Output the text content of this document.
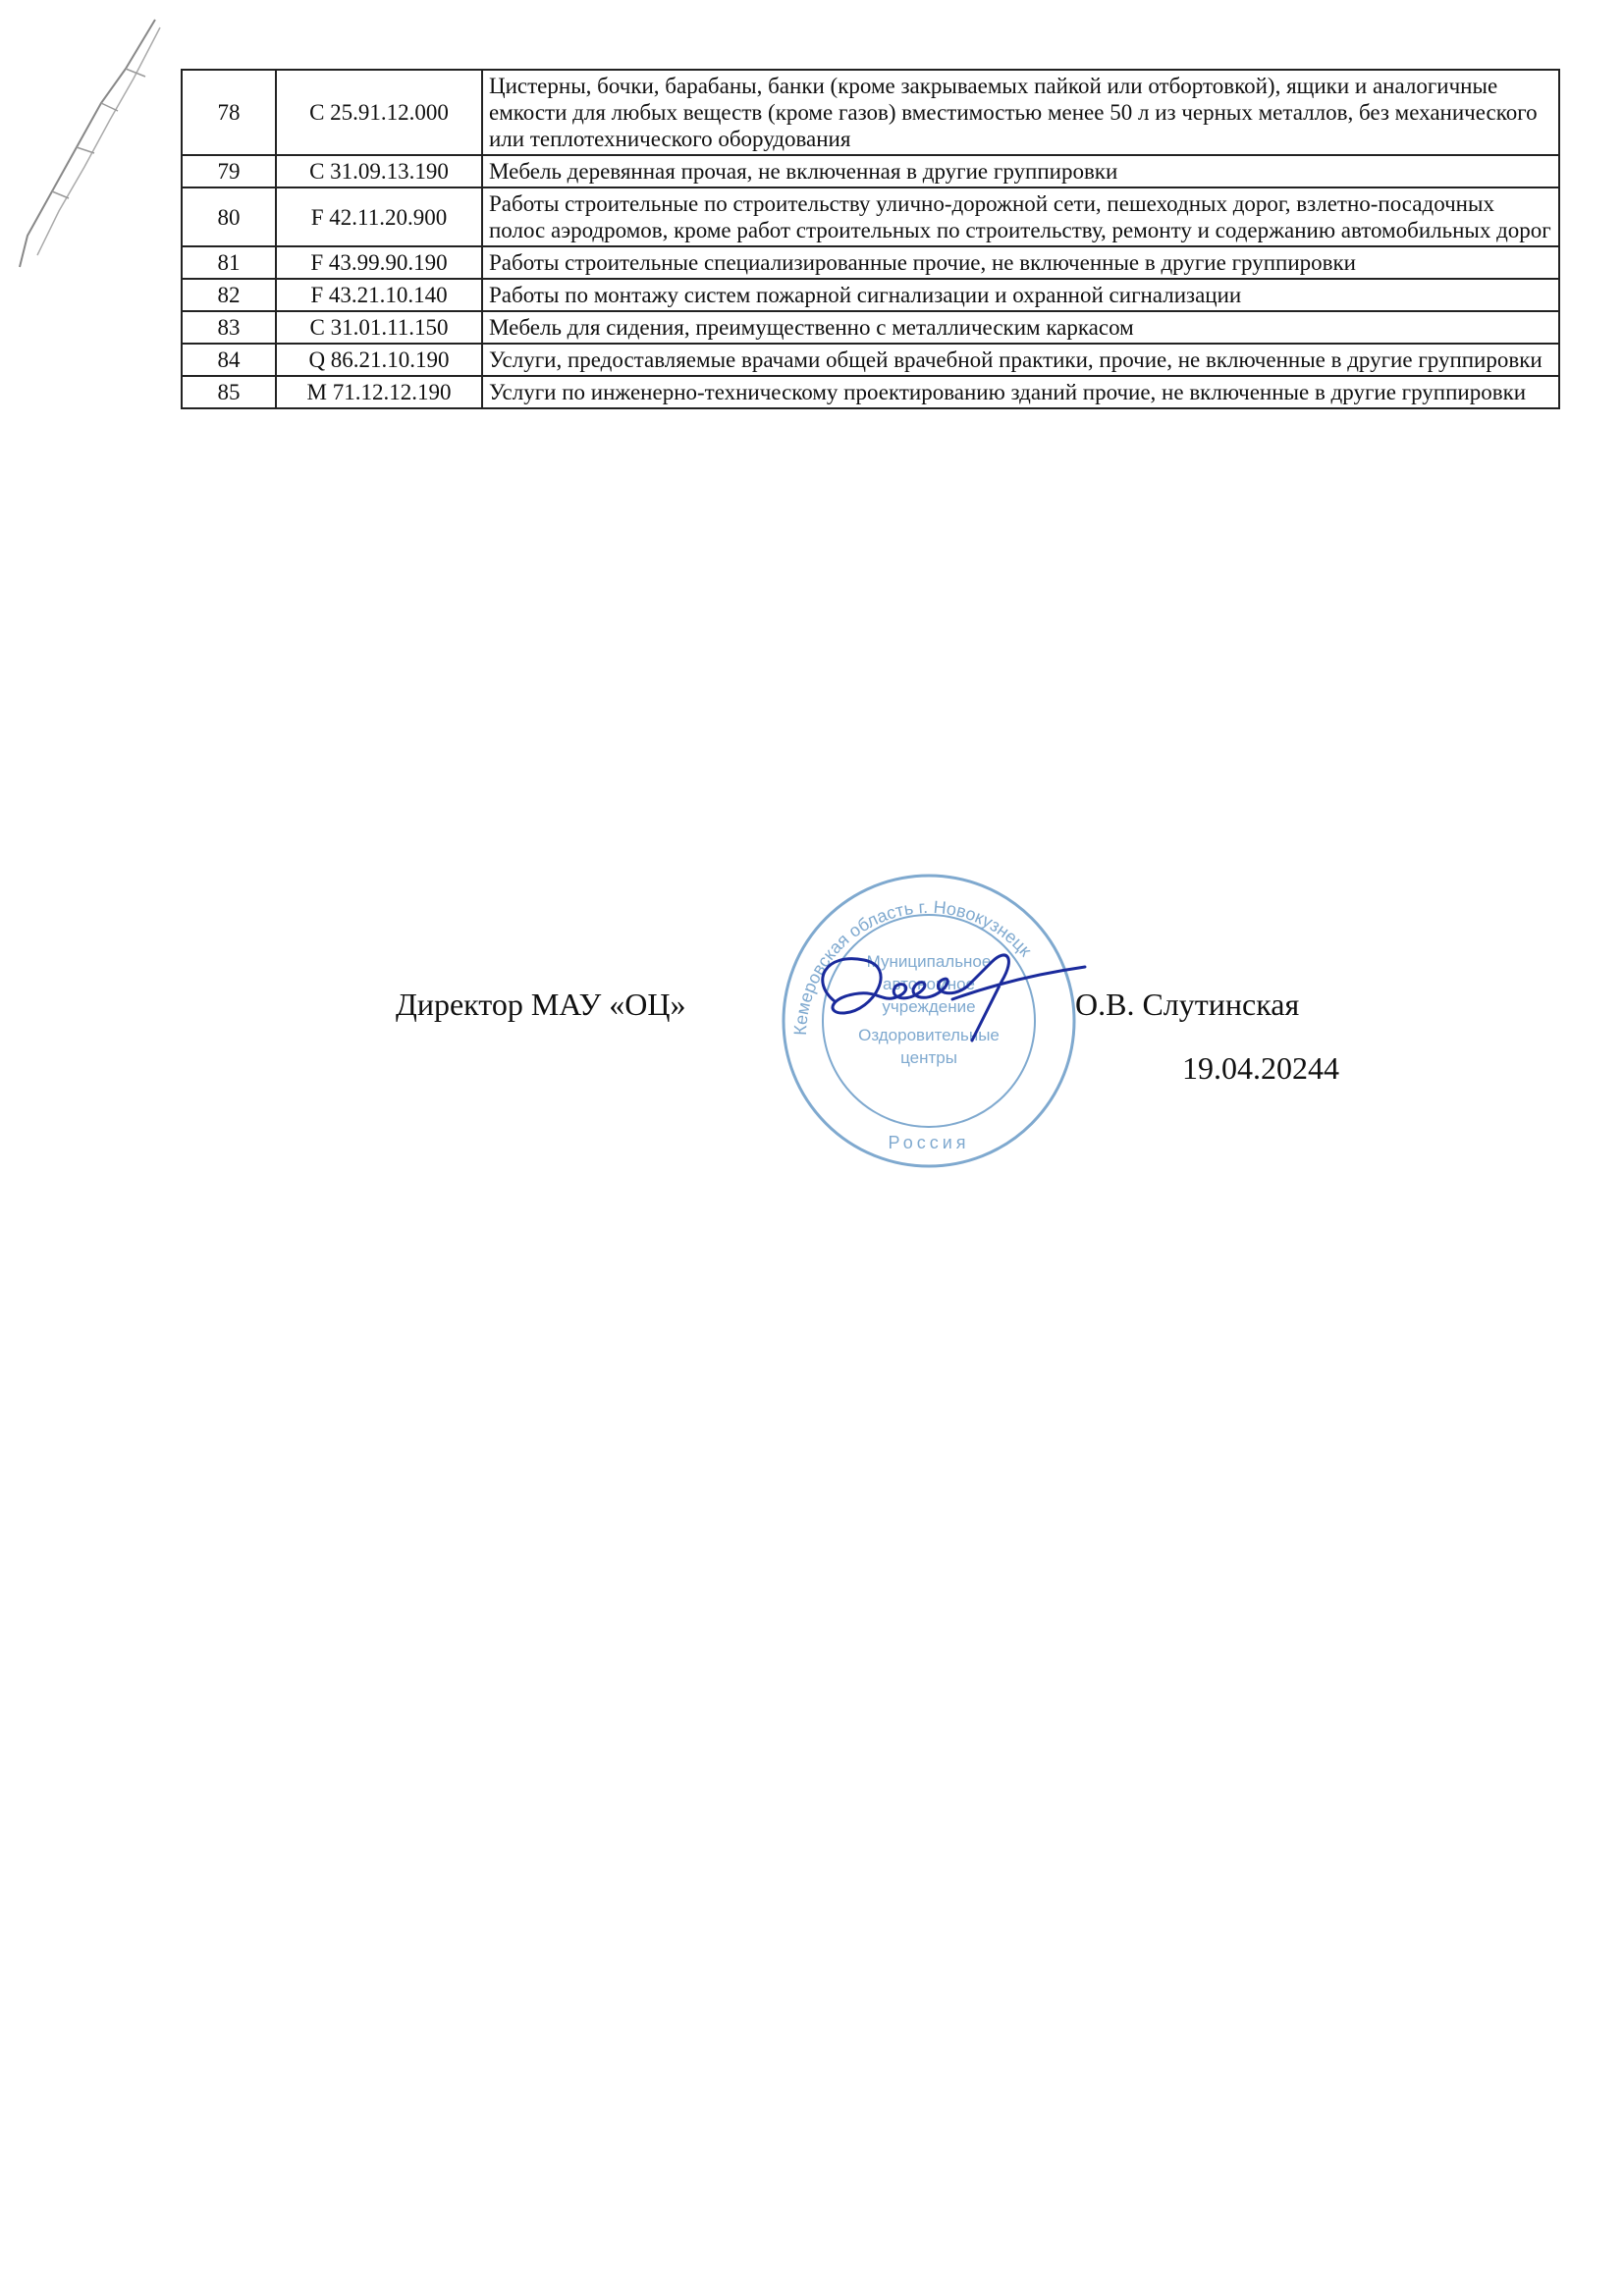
78	С 25.91.12.000	Цистерны, бочки, барабаны, банки (кроме закрываемых пайкой или отбортовкой), ящики и аналогичные емкости для любых веществ (кроме газов) вместимостью менее 50 л из черных металлов, без механического или теплотехнического оборудования
79	С 31.09.13.190	Мебель деревянная прочая, не включенная в другие группировки
80	F 42.11.20.900	Работы строительные по строительству улично-дорожной сети, пешеходных дорог, взлетно-посадочных полос аэродромов, кроме работ строительных по строительству, ремонту и содержанию автомобильных дорог
81	F 43.99.90.190	Работы строительные специализированные прочие, не включенные в другие группировки
82	F 43.21.10.140	Работы по монтажу систем пожарной сигнализации и охранной сигнализации
83	С 31.01.11.150	Мебель для сидения, преимущественно с металлическим каркасом
84	Q 86.21.10.190	Услуги, предоставляемые врачами общей врачебной практики, прочие, не включенные в другие группировки
85	М 71.12.12.190	Услуги по инженерно-техническому проектированию зданий прочие, не включенные в другие группировки
Кемеровская область г. Новокузнецк
Муниципальное
автономное
учреждение
Оздоровительные
центры
Россия
Директор МАУ «ОЦ»	О.В. Слутинская
19.04.20244
